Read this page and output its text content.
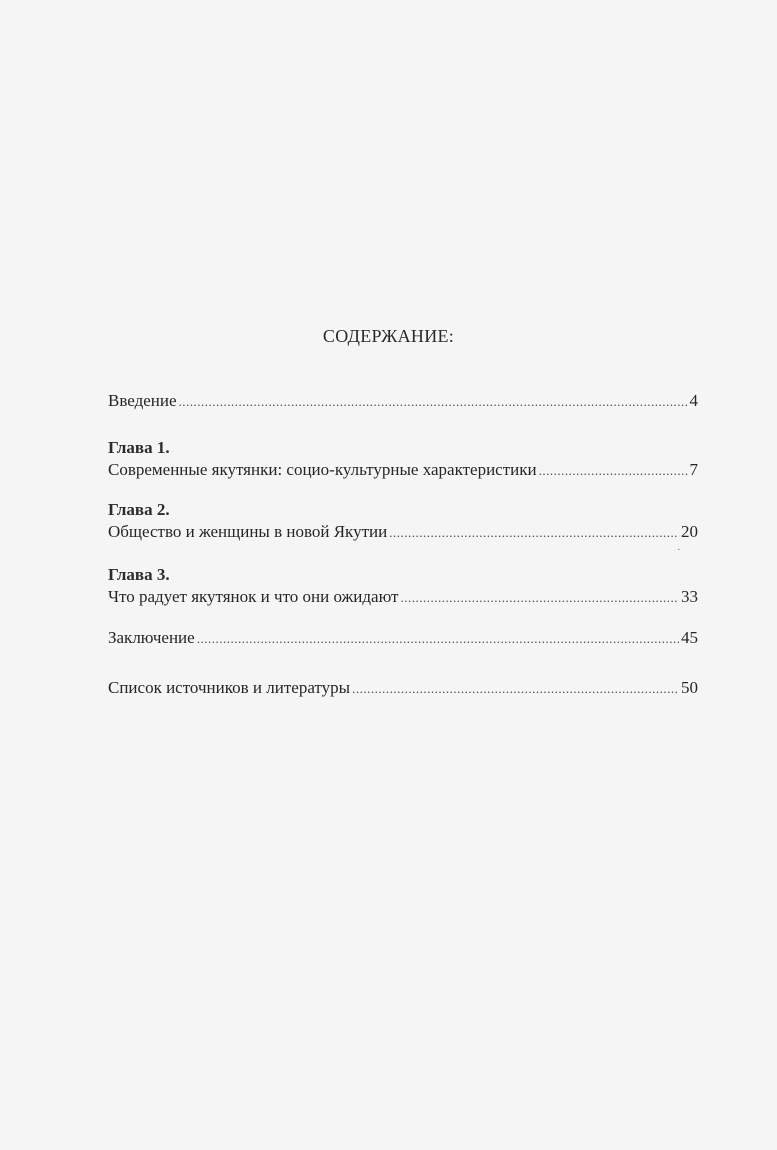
СОДЕРЖАНИЕ:
Введение .....	4
Глава 1.
Современные якутянки: социо-культурные характеристики .....	7
Глава 2.
Общество и женщины в новой Якутии .....	20
Глава 3.
Что радует якутянок и что они ожидают .....	33
Заключение .....	45
Список источников и литературы .....	50
˙
